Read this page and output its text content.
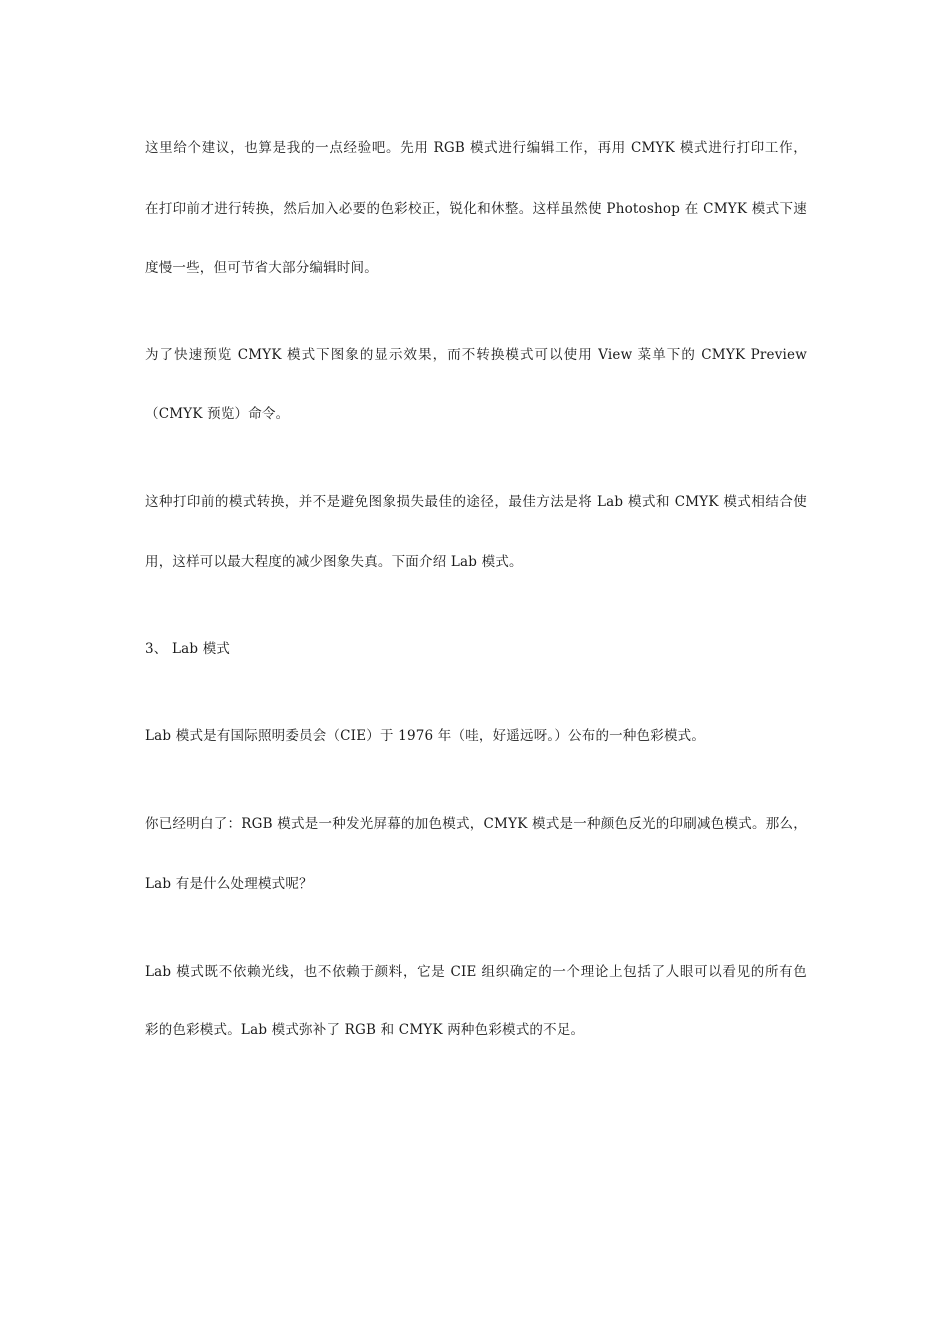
这里给个建议，也算是我的一点经验吧。先用 RGB 模式进行编辑工作，再用 CMYK 模式进行打印工作，
在打印前才进行转换，然后加入必要的色彩校正，锐化和休整。这样虽然使 Photoshop 在 CMYK 模式下速
度慢一些，但可节省大部分编辑时间。
为了快速预览 CMYK 模式下图象的显示效果，而不转换模式可以使用 View 菜单下的 CMYK Preview
（CMYK 预览）命令。
这种打印前的模式转换，并不是避免图象损失最佳的途径，最佳方法是将 Lab 模式和 CMYK 模式相结合使
用，这样可以最大程度的减少图象失真。下面介绍 Lab 模式。
3、 Lab 模式
Lab 模式是有国际照明委员会（CIE）于 1976 年（哇，好遥远呀。）公布的一种色彩模式。
你已经明白了：RGB 模式是一种发光屏幕的加色模式，CMYK 模式是一种颜色反光的印刷减色模式。那么，
Lab 有是什么处理模式呢？
Lab 模式既不依赖光线，也不依赖于颜料，它是 CIE 组织确定的一个理论上包括了人眼可以看见的所有色
彩的色彩模式。Lab 模式弥补了 RGB 和 CMYK 两种色彩模式的不足。
